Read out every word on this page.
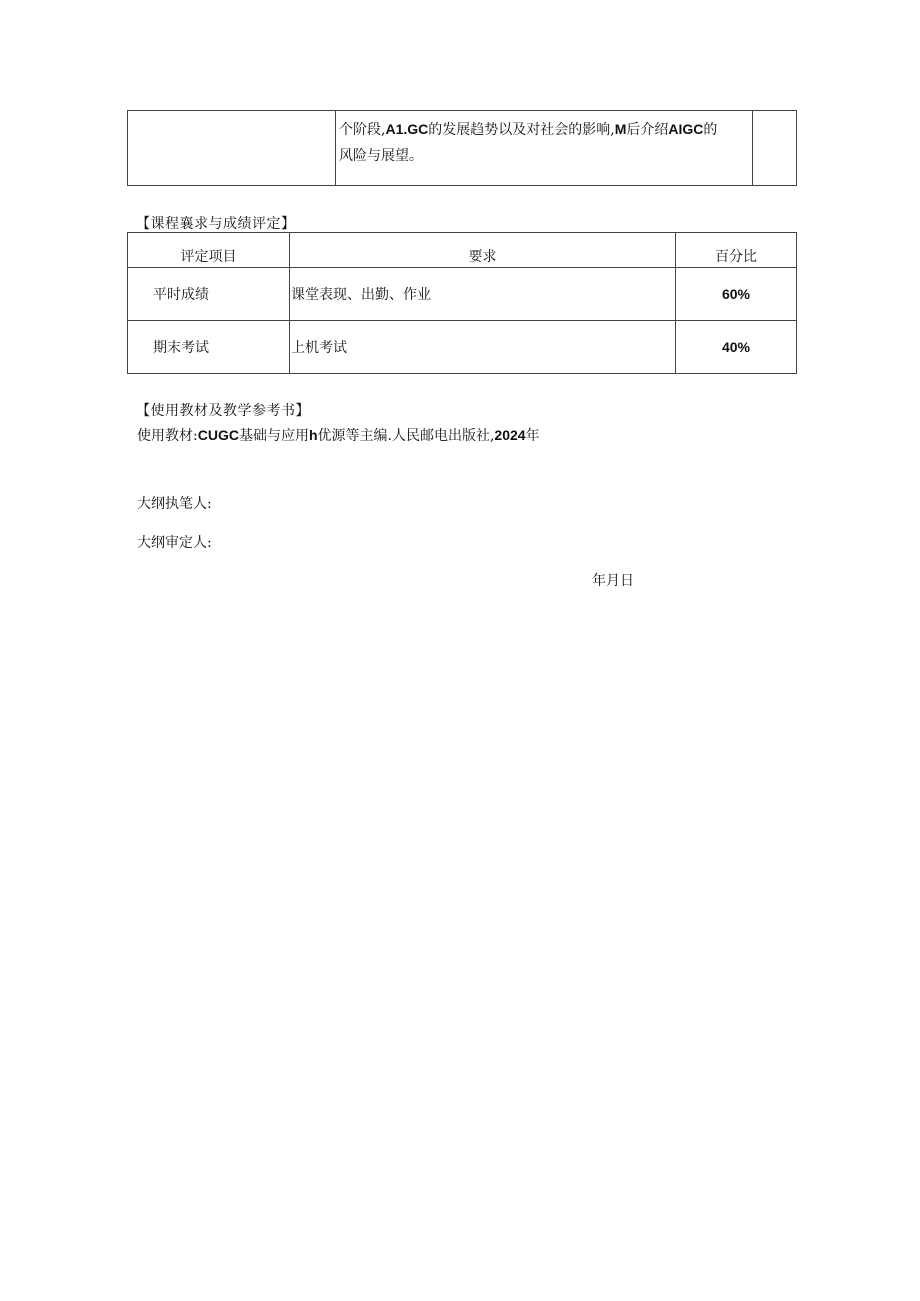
个阶段,A1.GC的发展趋势以及对社会的影响,M后介绍AIGC的
风险与展望。
【课程襄求与成绩评定】
评定项目	要求	百分比
平时成绩	课堂表现、出勤、作业	60%
期末考试	上机考试	40%
【使用教材及教学参考书】
使用教材:CUGC基础与应用h优源等主编.人民邮电出版社,2024年
大纲执笔人:
大纲审定人:
年月日
